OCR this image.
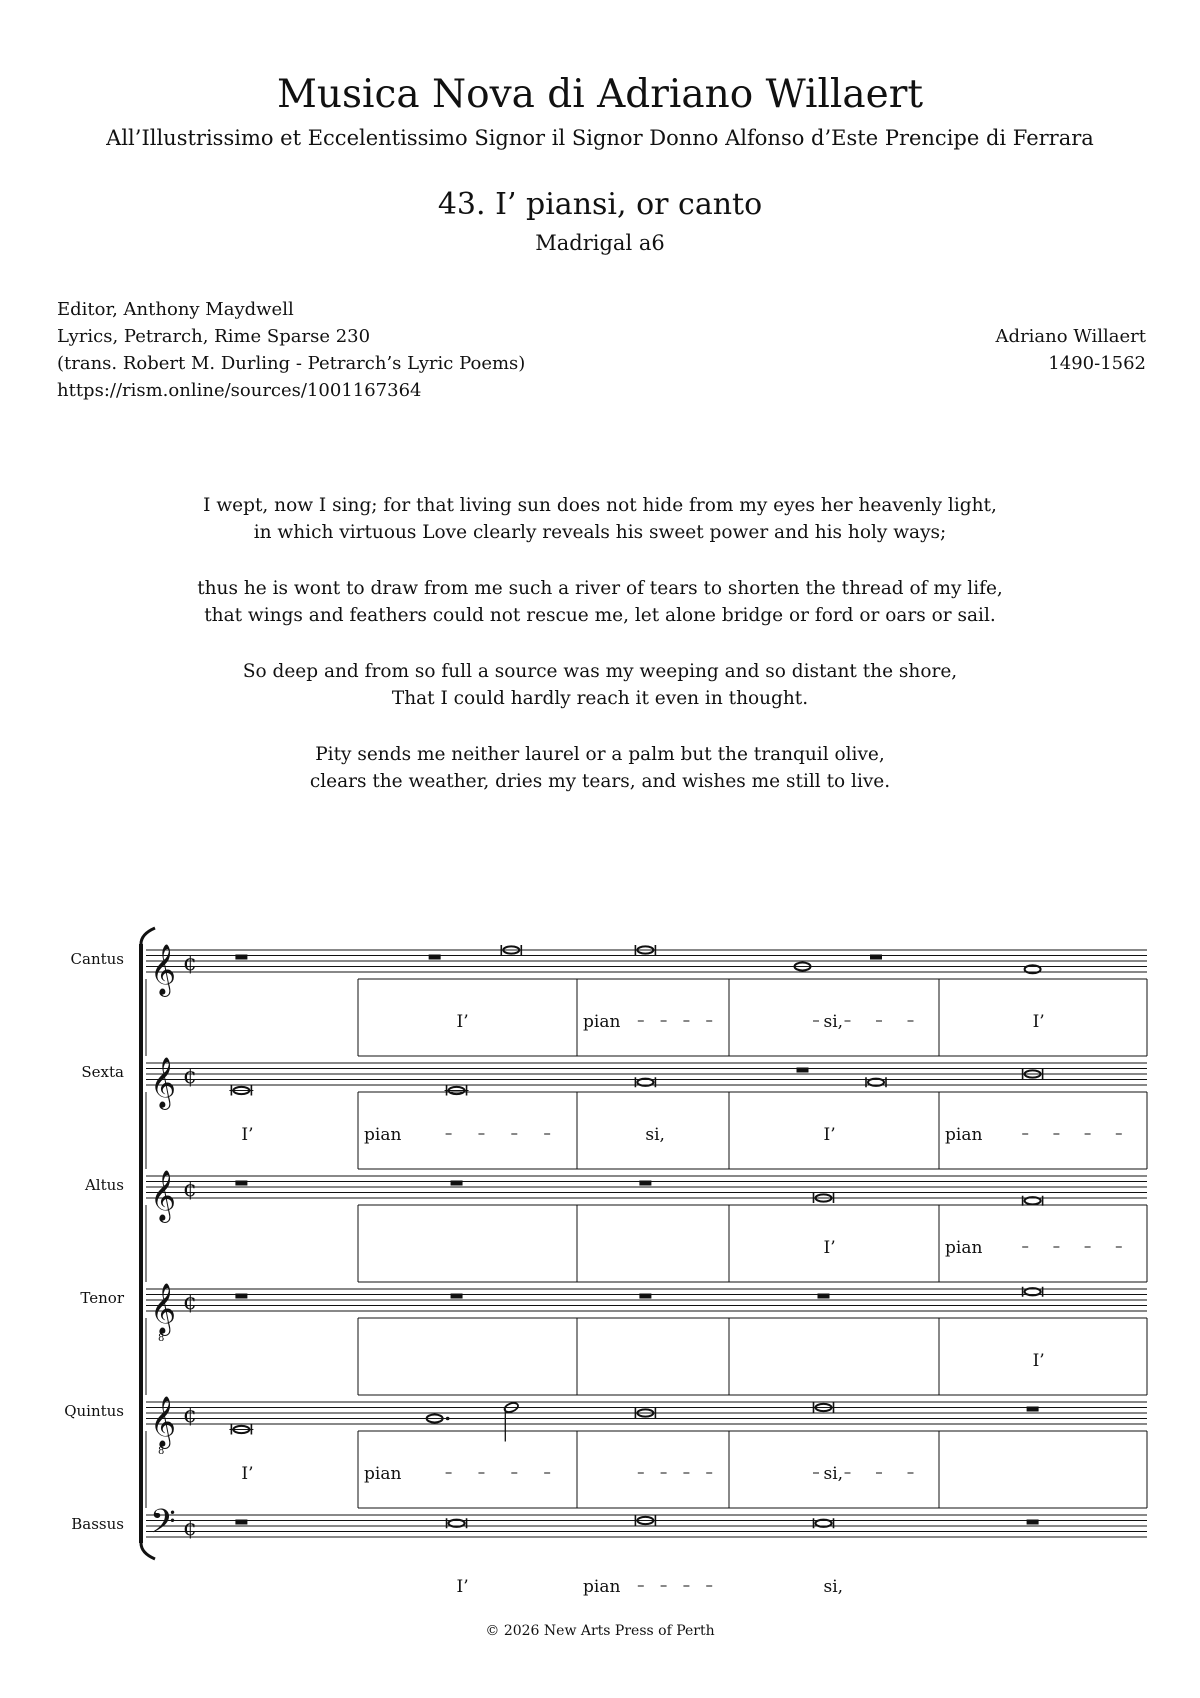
Musica Nova di Adriano Willaert
All’Illustrissimo et Eccelentissimo Signor il Signor Donno Alfonso d’Este Prencipe di Ferrara
43. I’ piansi, or canto
Madrigal a6
Editor, Anthony Maydwell
Lyrics, Petrarch, Rime Sparse 230
(trans. Robert M. Durling - Petrarch’s Lyric Poems)
https://rism.online/sources/1001167364
Adriano Willaert
1490-1562
I wept, now I sing; for that living sun does not hide from my eyes her heavenly light,
in which virtuous Love clearly reveals his sweet power and his holy ways;
thus he is wont to draw from me such a river of tears to shorten the thread of my life,
that wings and feathers could not rescue me, let alone bridge or ford or oars or sail.
So deep and from so full a source was my weeping and so distant the shore,
That I could hardly reach it even in thought.
Pity sends me neither laurel or a palm but the tranquil olive,
clears the weather, dries my tears, and wishes me still to live.
Cantus 𝄞 ¢
I’	pian	si,	I’
Sexta 𝄞 ¢
I’	pian	si,	I’	pian
Altus 𝄞 ¢
I’	pian
Tenor 𝄞
8
¢
I’
Quintus 𝄞
8
¢
I’	pian	si,
Bassus 𝄢 ¢
I’	pian	si,
© 2026 New Arts Press of Perth
